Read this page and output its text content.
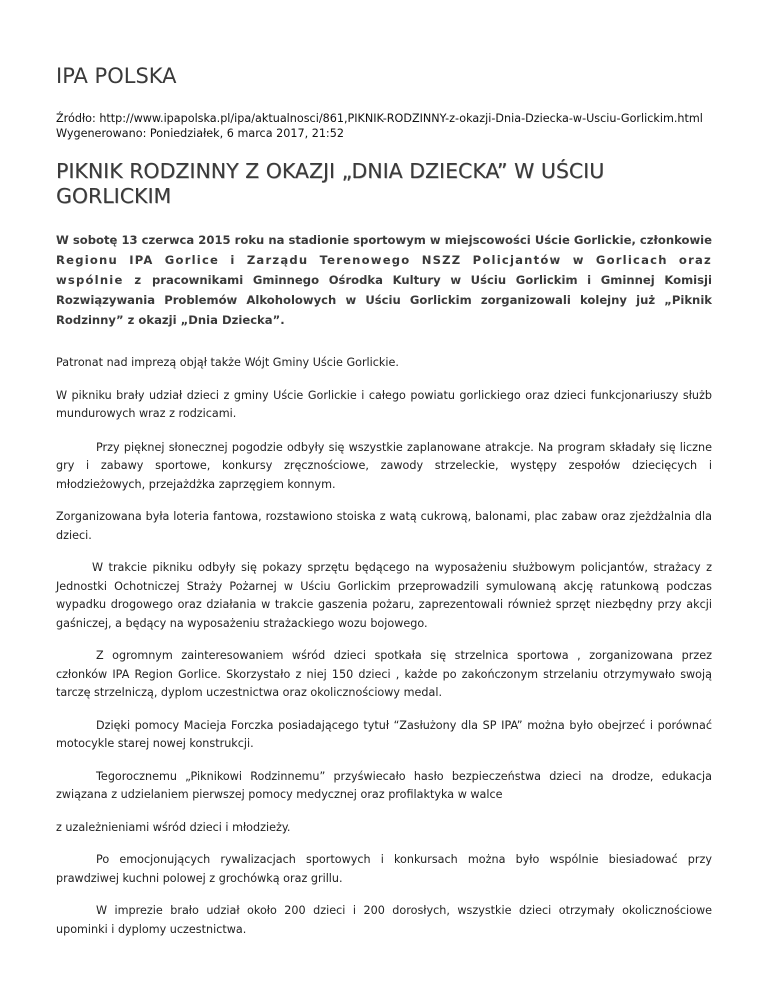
IPA POLSKA
Źródło: http://www.ipapolska.pl/ipa/aktualnosci/861,PIKNIK-RODZINNY-z-okazji-Dnia-Dziecka-w-Usciu-Gorlickim.html
Wygenerowano: Poniedziałek, 6 marca 2017, 21:52
PIKNIK RODZINNY Z OKAZJI „DNIA DZIECKA” W UŚCIU GORLICKIM
W sobotę 13 czerwca 2015 roku na stadionie sportowym w miejscowości Uście Gorlickie, członkowie Regionu IPA Gorlice i Zarządu Terenowego NSZZ Policjantów w Gorlicach oraz wspólnie z pracownikami Gminnego Ośrodka Kultury w Uściu Gorlickim i Gminnej Komisji Rozwiązywania Problemów Alkoholowych w Uściu Gorlickim zorganizowali kolejny już „Piknik Rodzinny” z okazji „Dnia Dziecka”.

Patronat nad imprezą objął także Wójt Gminy Uście Gorlickie.

W pikniku brały udział dzieci z gminy Uście Gorlickie i całego powiatu gorlickiego oraz dzieci funkcjonariuszy służb mundurowych wraz z rodzicami.

Przy pięknej słonecznej pogodzie odbyły się wszystkie zaplanowane atrakcje. Na program składały się liczne gry i zabawy sportowe, konkursy zręcznościowe, zawody strzeleckie, występy zespołów dziecięcych i młodzieżowych, przejażdżka zaprzęgiem konnym.

Zorganizowana była loteria fantowa, rozstawiono stoiska z watą cukrową, balonami, plac zabaw oraz zjeżdżalnia dla dzieci.

W trakcie pikniku odbyły się pokazy sprzętu będącego na wyposażeniu służbowym policjantów, strażacy z Jednostki Ochotniczej Straży Pożarnej w Uściu Gorlickim przeprowadzili symulowaną akcję ratunkową podczas wypadku drogowego oraz działania w trakcie gaszenia pożaru, zaprezentowali również sprzęt niezbędny przy akcji gaśniczej, a będący na wyposażeniu strażackiego wozu bojowego.

Z ogromnym zainteresowaniem wśród dzieci spotkała się strzelnica sportowa , zorganizowana przez członków IPA Region Gorlice. Skorzystało z niej 150 dzieci , każde po zakończonym strzelaniu otrzymywało swoją tarczę strzelniczą, dyplom uczestnictwa oraz okolicznościowy medal.

Dzięki pomocy Macieja Forczka posiadającego tytuł “Zasłużony dla SP IPA” można było obejrzeć i porównać motocykle starej nowej konstrukcji.

Tegorocznemu „Piknikowi Rodzinnemu” przyświecało hasło bezpieczeństwa dzieci na drodze, edukacja związana z udzielaniem pierwszej pomocy medycznej oraz profilaktyka w walce

z uzależnieniami wśród dzieci i młodzieży.

Po emocjonujących rywalizacjach sportowych i konkursach można było wspólnie biesiadować przy prawdziwej kuchni polowej z grochówką oraz grillu.

W imprezie brało udział około 200 dzieci i 200 dorosłych, wszystkie dzieci otrzymały okolicznościowe upominki i dyplomy uczestnictwa.
